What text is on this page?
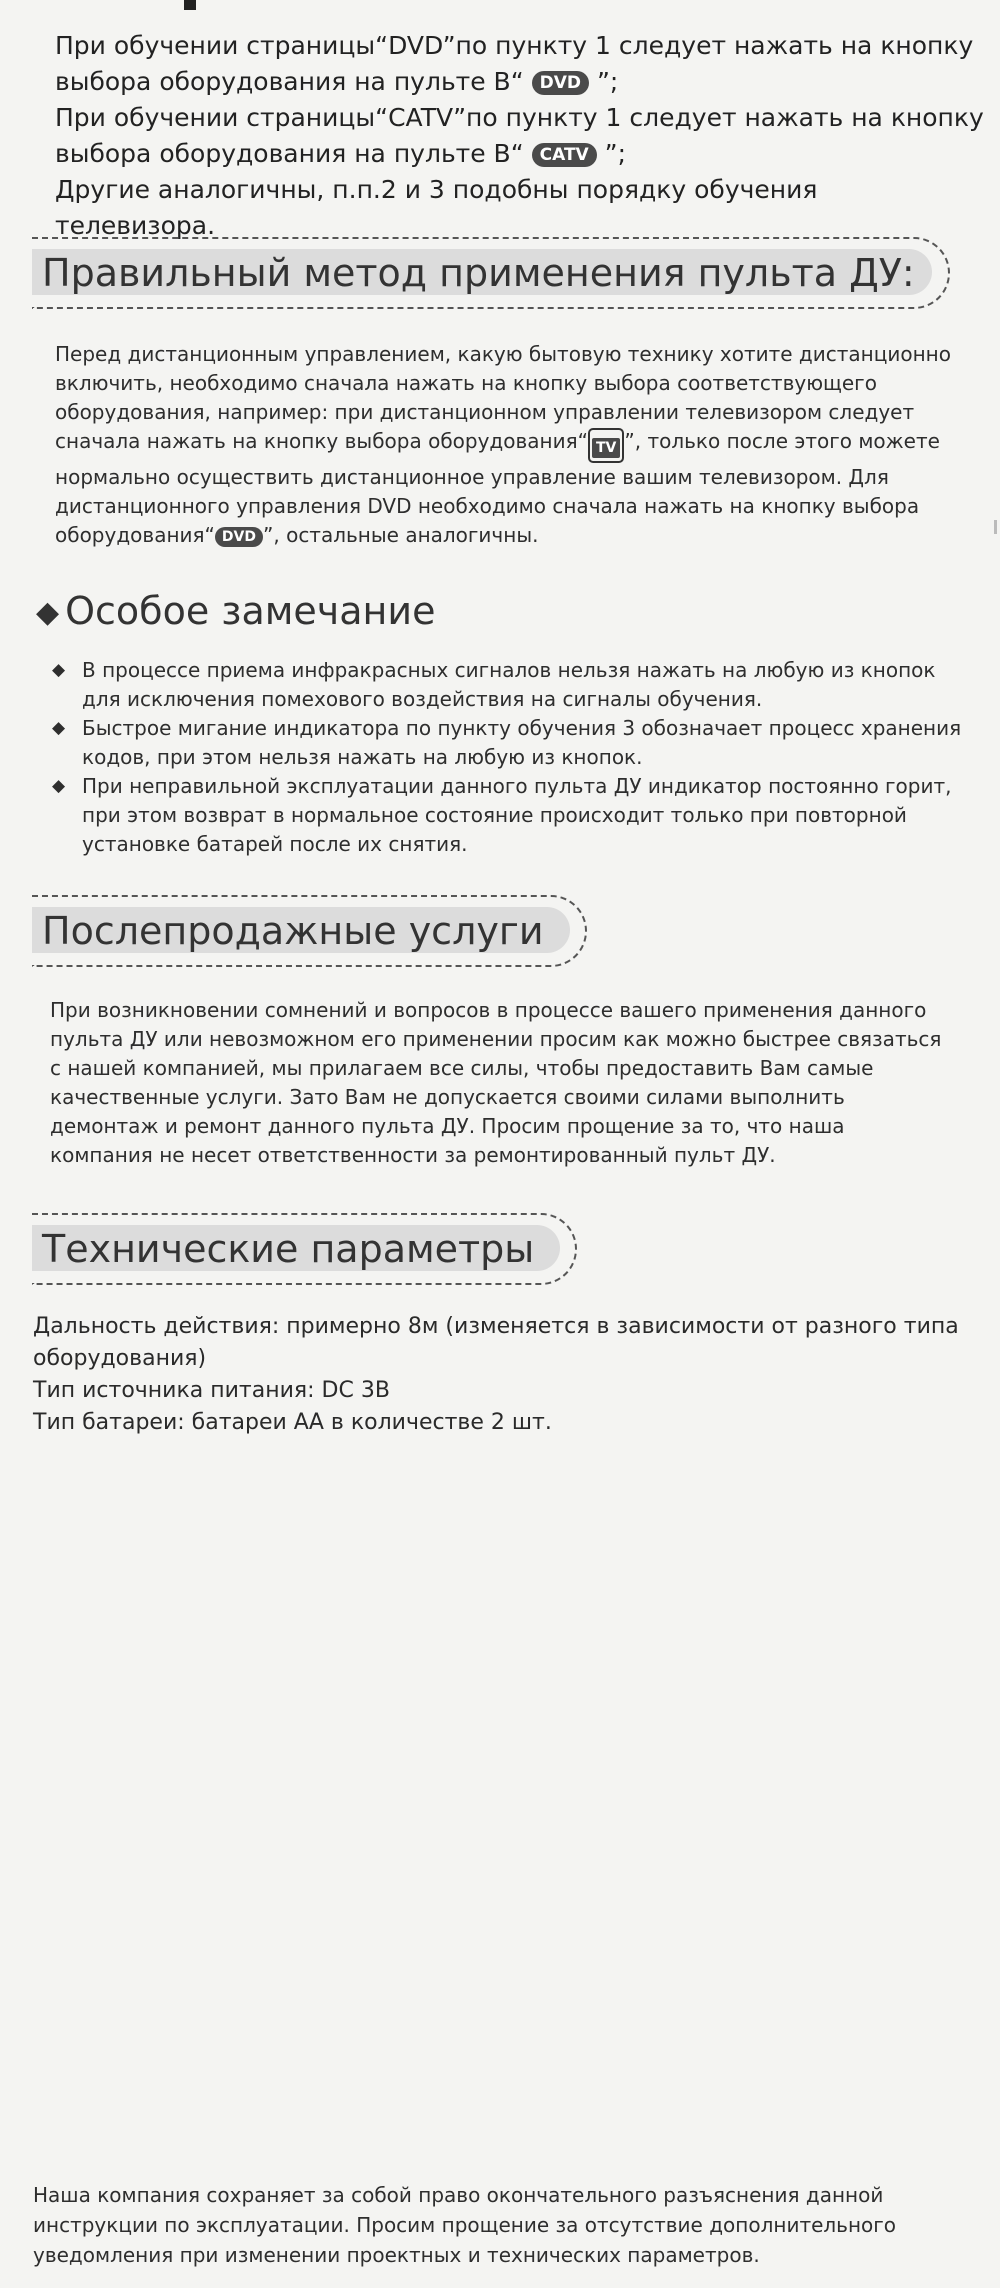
При обучении страницы“DVD”по пункту 1 следует нажать на кнопку выбора оборудования на пульте В“ DVD ”;

При обучении страницы“CATV”по пункту 1 следует нажать на кнопку выбора оборудования на пульте В“ CATV ”;

Другие аналогичны, п.п.2 и 3 подобны порядку обучения телевизора.

Правильный метод применения пульта ДУ:

Перед дистанционным управлением, какую бытовую технику хотите дистанционно включить, необходимо сначала нажать на кнопку выбора соответствующего оборудования, например: при дистанционном управлении телевизором следует сначала нажать на кнопку выбора оборудования“ TV ”, только после этого можете нормально осуществить дистанционное управление вашим телевизором. Для дистанционного управления DVD необходимо сначала нажать на кнопку выбора оборудования“ DVD ”, остальные аналогичны.

◆ Особое замечание
◆ В процессе приема инфракрасных сигналов нельзя нажать на любую из кнопок для исключения помехового воздействия на сигналы обучения.
◆ Быстрое мигание индикатора по пункту обучения 3 обозначает процесс хранения кодов, при этом нельзя нажать на любую из кнопок.
◆ При неправильной эксплуатации данного пульта ДУ индикатор постоянно горит, при этом возврат в нормальное состояние происходит только при повторной установке батарей после их снятия.
Послепродажные услуги

При возникновении сомнений и вопросов в процессе вашего применения данного пульта ДУ или невозможном его применении просим как можно быстрее связаться с нашей компанией, мы прилагаем все силы, чтобы предоставить Вам самые качественные услуги. Зато Вам не допускается своими силами выполнить демонтаж и ремонт данного пульта ДУ. Просим прощение за то, что наша компания не несет ответственности за ремонтированный пульт ДУ.

Технические параметры

Дальность действия: примерно 8м (изменяется в зависимости от разного типа оборудования)

Тип источника питания: DC 3В

Тип батареи: батареи АА в количестве 2 шт.

Наша компания сохраняет за собой право окончательного разъяснения данной инструкции по эксплуатации. Просим прощение за отсутствие дополнительного уведомления при изменении проектных и технических параметров.
